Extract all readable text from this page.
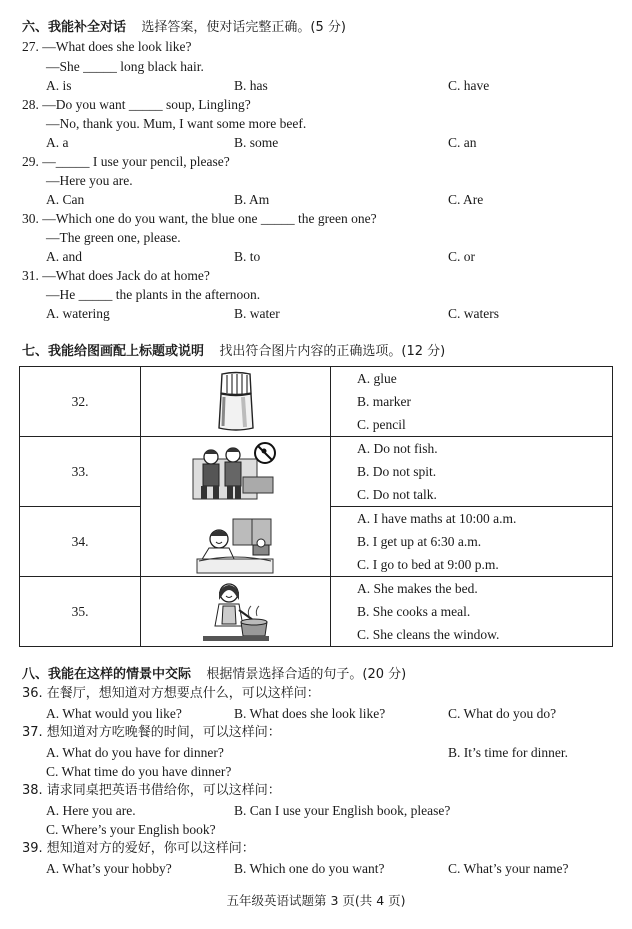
六、我能补全对话 选择答案，使对话完整正确。(5 分)
27. —What does she look like?
—She _____ long black hair.
A. is	B. has	C. have
28. —Do you want _____ soup, Lingling?
—No, thank you. Mum, I want some more beef.
A. a	B. some	C. an
29. —_____ I use your pencil, please?
—Here you are.
A. Can	B. Am	C. Are
30. —Which one do you want, the blue one _____ the green one?
—The green one, please.
A. and	B. to	C. or
31. —What does Jack do at home?
—He _____ the plants in the afternoon.
A. watering	B. water	C. waters
七、我能给图画配上标题或说明 找出符合图片内容的正确选项。(12 分)
32.		A. glue
B. marker
C. pencil

33.		A. Do not fish.
B. Do not spit.
C. Do not talk.

34.		A. I have maths at 10:00 a.m.
B. I get up at 6:30 a.m.
C. I go to bed at 9:00 p.m.

35.		A. She makes the bed.
B. She cooks a meal.
C. She cleans the window.
八、我能在这样的情景中交际 根据情景选择合适的句子。(20 分)
36. 在餐厅，想知道对方想要点什么，可以这样问：
A. What would you like?	B. What does she look like?	C. What do you do?
37. 想知道对方吃晚餐的时间，可以这样问：
A. What do you have for dinner?	B. It’s time for dinner.
C. What time do you have dinner?
38. 请求同桌把英语书借给你，可以这样问：
A. Here you are.	B. Can I use your English book, please?
C. Where’s your English book?
39. 想知道对方的爱好，你可以这样问：
A. What’s your hobby?	B. Which one do you want?	C. What’s your name?
五年级英语试题第 3 页(共 4 页)
